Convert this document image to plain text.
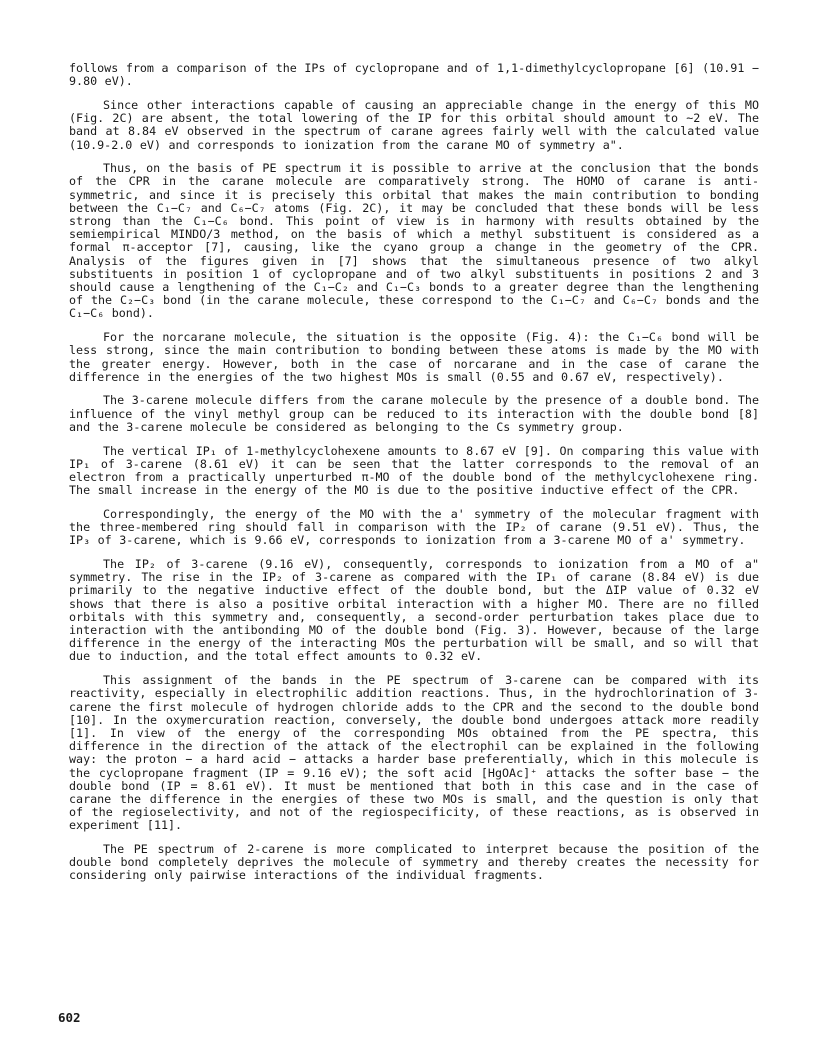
follows from a comparison of the IPs of cyclopropane and of 1,1-dimethylcyclopropane [6] (10.91 − 9.80 eV).

Since other interactions capable of causing an appreciable change in the energy of this MO (Fig. 2C) are absent, the total lowering of the IP for this orbital should amount to ~2 eV. The band at 8.84 eV observed in the spectrum of carane agrees fairly well with the calculated value (10.9-2.0 eV) and corresponds to ionization from the carane MO of symmetry a".

Thus, on the basis of PE spectrum it is possible to arrive at the conclusion that the bonds of the CPR in the carane molecule are comparatively strong. The HOMO of carane is anti-symmetric, and since it is precisely this orbital that makes the main contribution to bonding between the C₁−C₇ and C₆−C₇ atoms (Fig. 2C), it may be concluded that these bonds will be less strong than the C₁−C₆ bond. This point of view is in harmony with results obtained by the semiempirical MINDO/3 method, on the basis of which a methyl substituent is considered as a formal π-acceptor [7], causing, like the cyano group a change in the geometry of the CPR. Analysis of the figures given in [7] shows that the simultaneous presence of two alkyl substituents in position 1 of cyclopropane and of two alkyl substituents in positions 2 and 3 should cause a lengthening of the C₁−C₂ and C₁−C₃ bonds to a greater degree than the lengthening of the C₂−C₃ bond (in the carane molecule, these correspond to the C₁−C₇ and C₆−C₇ bonds and the C₁−C₆ bond).

For the norcarane molecule, the situation is the opposite (Fig. 4): the C₁−C₆ bond will be less strong, since the main contribution to bonding between these atoms is made by the MO with the greater energy. However, both in the case of norcarane and in the case of carane the difference in the energies of the two highest MOs is small (0.55 and 0.67 eV, respectively).

The 3-carene molecule differs from the carane molecule by the presence of a double bond. The influence of the vinyl methyl group can be reduced to its interaction with the double bond [8] and the 3-carene molecule be considered as belonging to the Cs symmetry group.

The vertical IP₁ of 1-methylcyclohexene amounts to 8.67 eV [9]. On comparing this value with IP₁ of 3-carene (8.61 eV) it can be seen that the latter corresponds to the removal of an electron from a practically unperturbed π-MO of the double bond of the methylcyclohexene ring. The small increase in the energy of the MO is due to the positive inductive effect of the CPR.

Correspondingly, the energy of the MO with the a' symmetry of the molecular fragment with the three-membered ring should fall in comparison with the IP₂ of carane (9.51 eV). Thus, the IP₃ of 3-carene, which is 9.66 eV, corresponds to ionization from a 3-carene MO of a' symmetry.

The IP₂ of 3-carene (9.16 eV), consequently, corresponds to ionization from a MO of a" symmetry. The rise in the IP₂ of 3-carene as compared with the IP₁ of carane (8.84 eV) is due primarily to the negative inductive effect of the double bond, but the ΔIP value of 0.32 eV shows that there is also a positive orbital interaction with a higher MO. There are no filled orbitals with this symmetry and, consequently, a second-order perturbation takes place due to interaction with the antibonding MO of the double bond (Fig. 3). However, because of the large difference in the energy of the interacting MOs the perturbation will be small, and so will that due to induction, and the total effect amounts to 0.32 eV.

This assignment of the bands in the PE spectrum of 3-carene can be compared with its reactivity, especially in electrophilic addition reactions. Thus, in the hydrochlorination of 3-carene the first molecule of hydrogen chloride adds to the CPR and the second to the double bond [10]. In the oxymercuration reaction, conversely, the double bond undergoes attack more readily [1]. In view of the energy of the corresponding MOs obtained from the PE spectra, this difference in the direction of the attack of the electrophil can be explained in the following way: the proton − a hard acid − attacks a harder base preferentially, which in this molecule is the cyclopropane fragment (IP = 9.16 eV); the soft acid [HgOAc]⁺ attacks the softer base − the double bond (IP = 8.61 eV). It must be mentioned that both in this case and in the case of carane the difference in the energies of these two MOs is small, and the question is only that of the regioselectivity, and not of the regiospecificity, of these reactions, as is observed in experiment [11].

The PE spectrum of 2-carene is more complicated to interpret because the position of the double bond completely deprives the molecule of symmetry and thereby creates the necessity for considering only pairwise interactions of the individual fragments.

602
